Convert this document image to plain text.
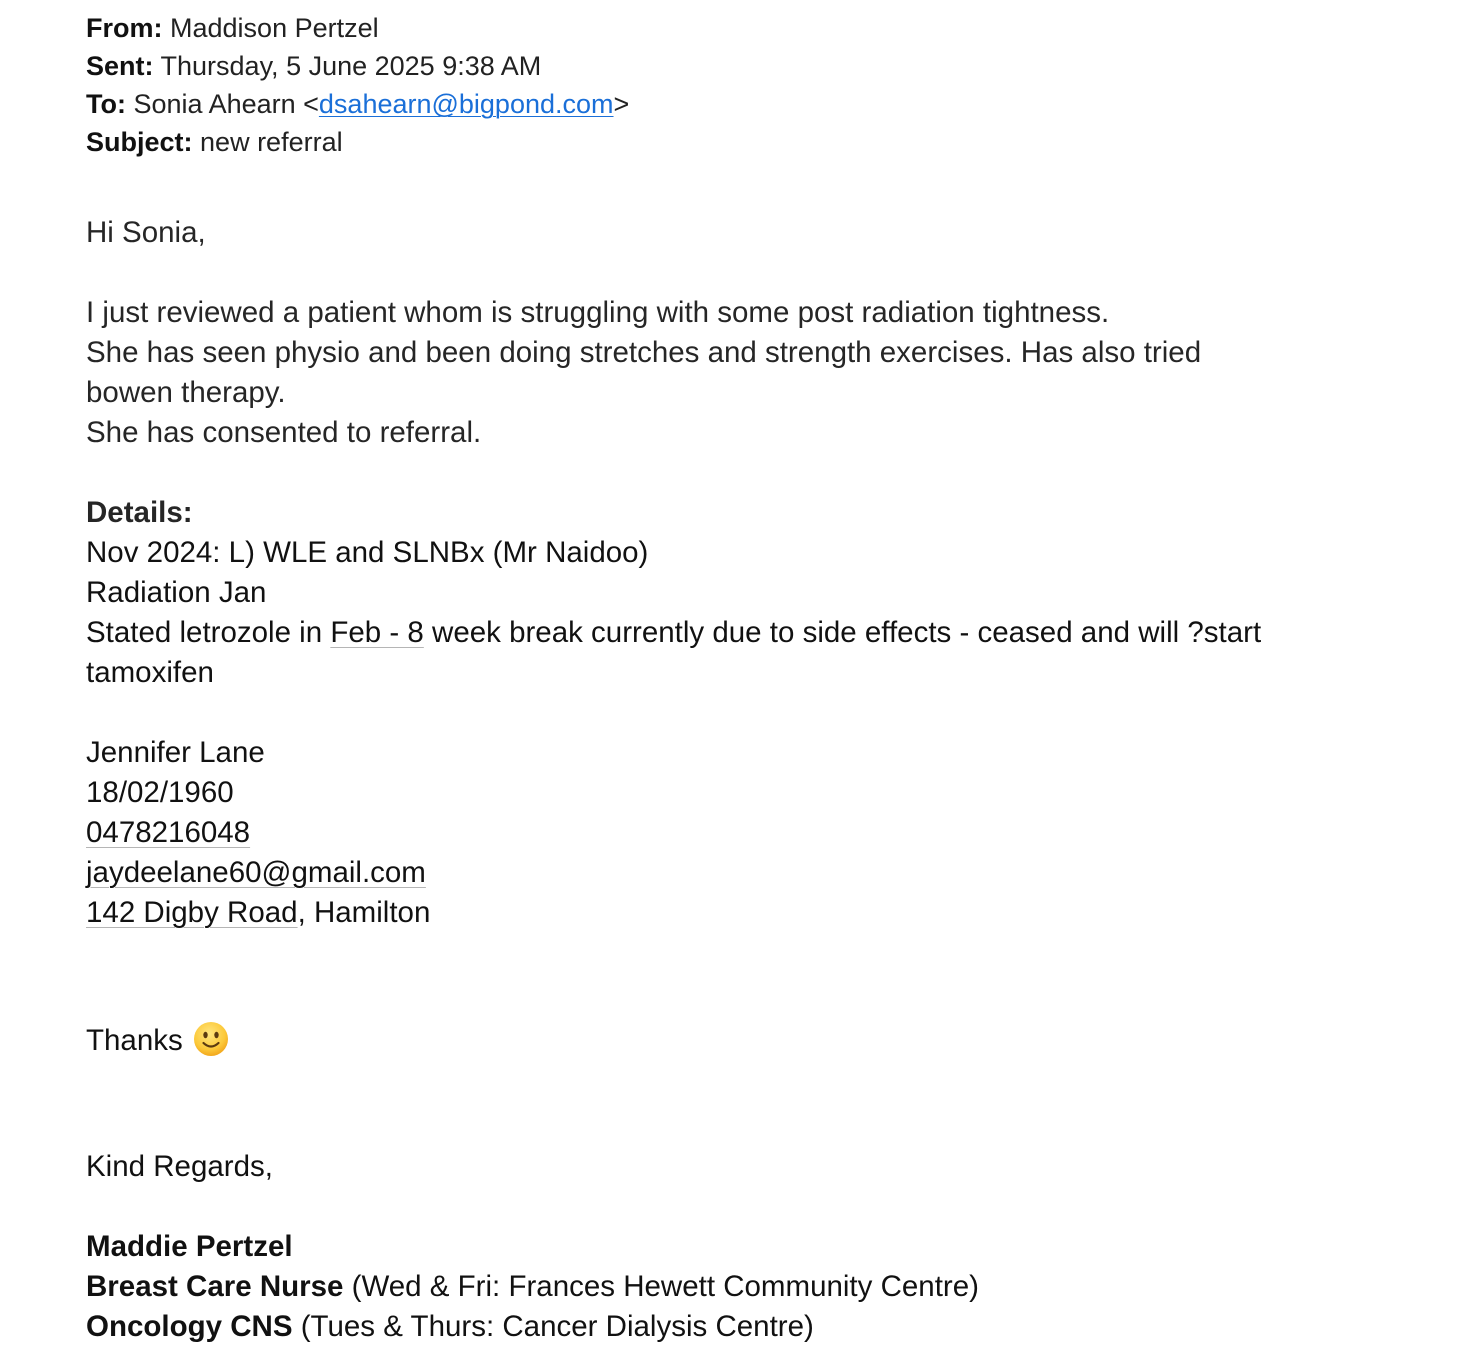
From: Maddison Pertzel
Sent: Thursday, 5 June 2025 9:38 AM
To: Sonia Ahearn <dsahearn@bigpond.com>
Subject: new referral
Hi Sonia,
I just reviewed a patient whom is struggling with some post radiation tightness.
She has seen physio and been doing stretches and strength exercises. Has also tried
bowen therapy.
She has consented to referral.
Details:
Nov 2024: L) WLE and SLNBx (Mr Naidoo)
Radiation Jan
Stated letrozole in Feb - 8 week break currently due to side effects - ceased and will ?start
tamoxifen
Jennifer Lane
18/02/1960
0478216048
jaydeelane60@gmail.com
142 Digby Road, Hamilton
Thanks
Kind Regards,
Maddie Pertzel
Breast Care Nurse (Wed & Fri: Frances Hewett Community Centre)
Oncology CNS (Tues & Thurs: Cancer Dialysis Centre)
